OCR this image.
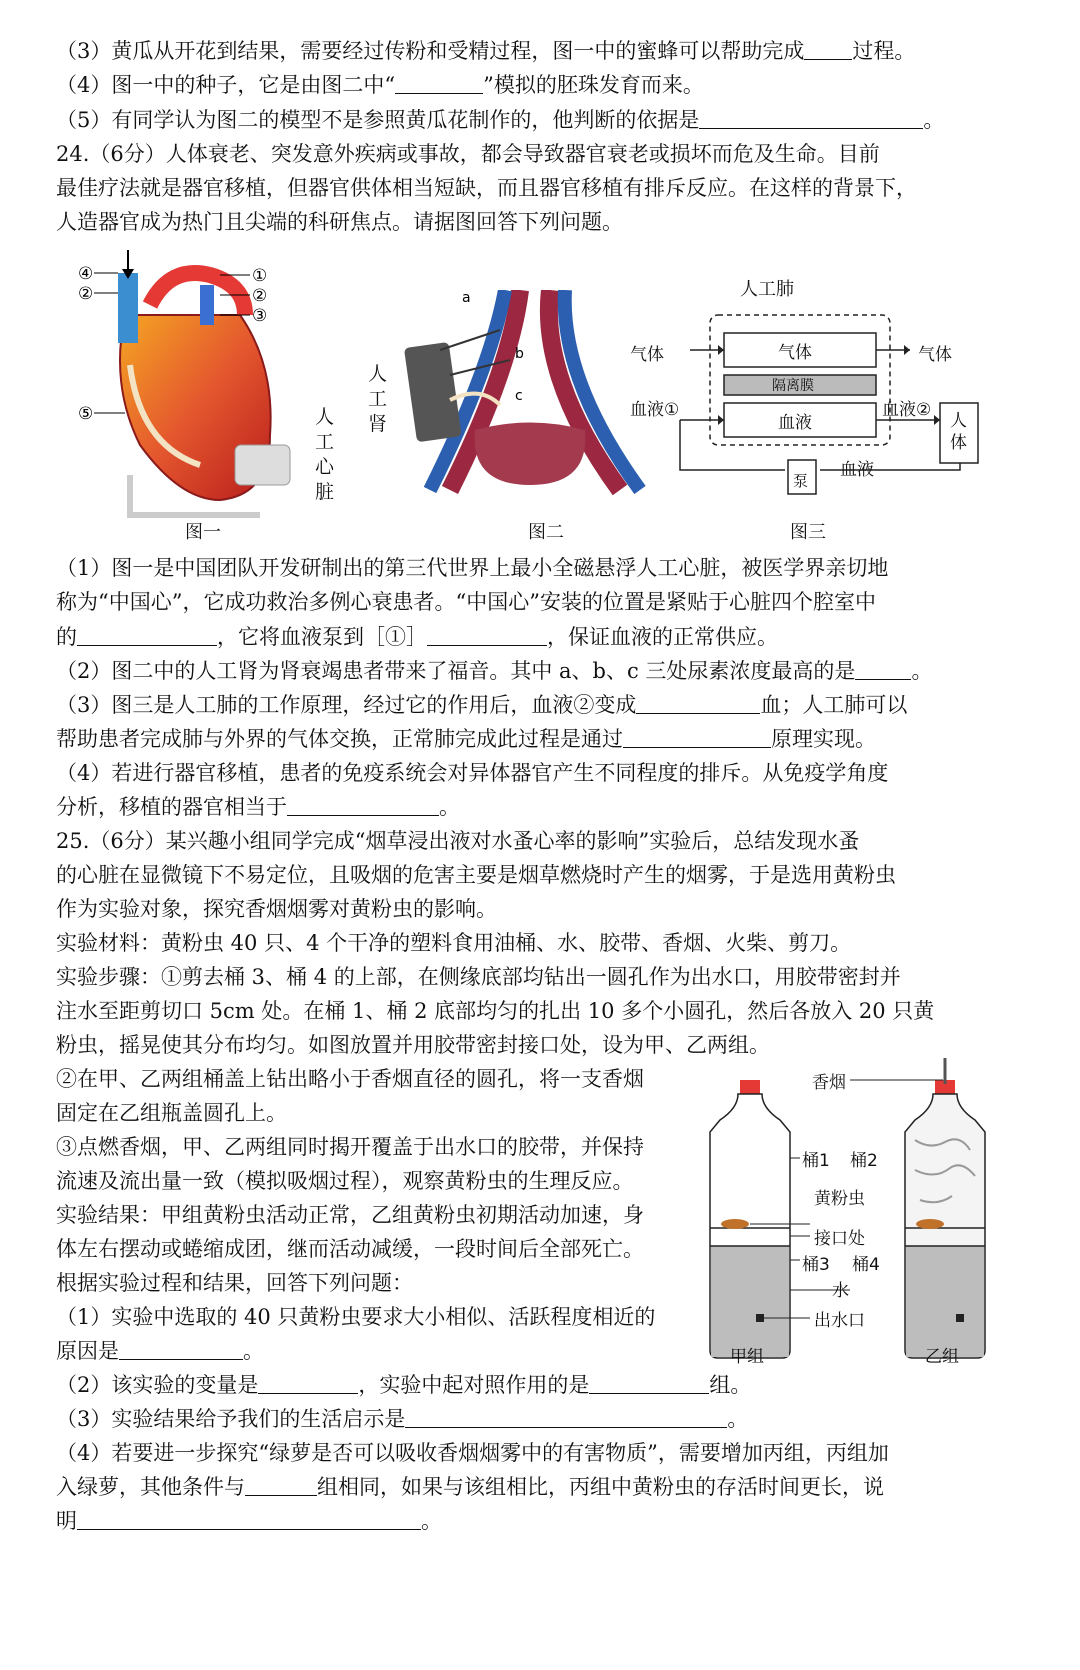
（3）黄瓜从开花到结果，需要经过传粉和受精过程，图一中的蜜蜂可以帮助完成 过程。
（4）图一中的种子，它是由图二中“	”模拟的胚珠发育而来。
（5）有同学认为图二的模型不是参照黄瓜花制作的，他判断的依据是	。
24.（6分）人体衰老、突发意外疾病或事故，都会导致器官衰老或损坏而危及生命。目前
最佳疗法就是器官移植，但器官供体相当短缺，而且器官移植有排斥反应。在这样的背景下，
人造器官成为热门且尖端的科研焦点。请据图回答下列问题。
④
②
①
②
③
⑤	人工心脏
图一
a
b
c
人工肾
图二
人工肺
气体	气体	气体
隔离膜
血液
血液①	血液②
人体
血液
泵
图三
（1）图一是中国团队开发研制出的第三代世界上最小全磁悬浮人工心脏，被医学界亲切地
称为“中国心”，它成功救治多例心衰患者。“中国心”安装的位置是紧贴于心脏四个腔室中
的	，它将血液泵到［①］	，保证血液的正常供应。
（2）图二中的人工肾为肾衰竭患者带来了福音。其中 a、b、c 三处尿素浓度最高的是	。
（3）图三是人工肺的工作原理，经过它的作用后，血液②变成	血；人工肺可以
帮助患者完成肺与外界的气体交换，正常肺完成此过程是通过	原理实现。
（4）若进行器官移植，患者的免疫系统会对异体器官产生不同程度的排斥。从免疫学角度
分析，移植的器官相当于	。
25.（6分）某兴趣小组同学完成“烟草浸出液对水蚤心率的影响”实验后，总结发现水蚤
的心脏在显微镜下不易定位，且吸烟的危害主要是烟草燃烧时产生的烟雾，于是选用黄粉虫
作为实验对象，探究香烟烟雾对黄粉虫的影响。
实验材料：黄粉虫 40 只、4 个干净的塑料食用油桶、水、胶带、香烟、火柴、剪刀。
实验步骤：①剪去桶 3、桶 4 的上部，在侧缘底部均钻出一圆孔作为出水口，用胶带密封并
注水至距剪切口 5cm 处。在桶 1、桶 2 底部均匀的扎出 10 多个小圆孔，然后各放入 20 只黄
粉虫，摇晃使其分布均匀。如图放置并用胶带密封接口处，设为甲、乙两组。
②在甲、乙两组桶盖上钻出略小于香烟直径的圆孔，将一支香烟
固定在乙组瓶盖圆孔上。
③点燃香烟，甲、乙两组同时揭开覆盖于出水口的胶带，并保持
流速及流出量一致（模拟吸烟过程），观察黄粉虫的生理反应。
实验结果：甲组黄粉虫活动正常，乙组黄粉虫初期活动加速，身
体左右摆动或蜷缩成团，继而活动减缓，一段时间后全部死亡。
根据实验过程和结果，回答下列问题：
（1）实验中选取的 40 只黄粉虫要求大小相似、活跃程度相近的
原因是	。
（2）该实验的变量是	，实验中起对照作用的是	组。
（3）实验结果给予我们的生活启示是	。
（4）若要进一步探究“绿萝是否可以吸收香烟烟雾中的有害物质”，需要增加丙组，丙组加
入绿萝，其他条件与	组相同，如果与该组相比，丙组中黄粉虫的存活时间更长，说
明	。
香烟
桶1 桶2
黄粉虫
接口处
桶3 桶4
水
出水口
甲组	乙组
